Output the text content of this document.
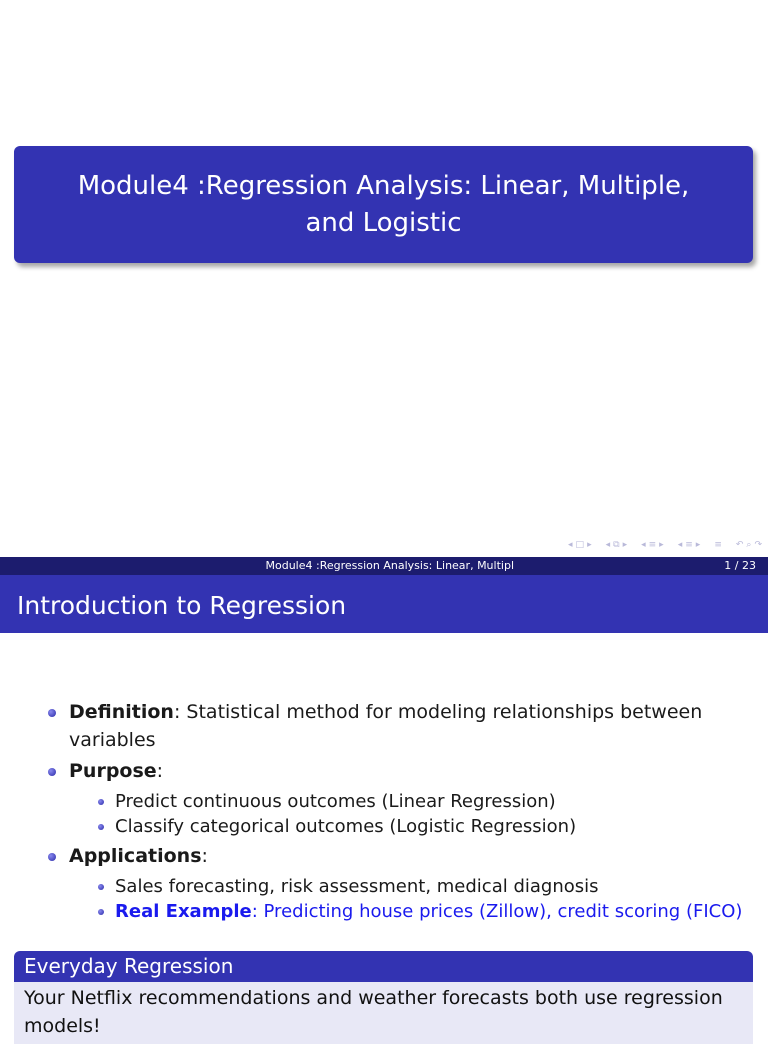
Module4 :Regression Analysis: Linear, Multiple, and Logistic
◂ □ ▸ ◂ ⧉ ▸ ◂ ≡ ▸ ◂ ≡ ▸ ≡ ↶ ⌕ ↷
Module4 :Regression Analysis: Linear, Multipl	1 / 23
Introduction to Regression
Definition: Statistical method for modeling relationships between variables
Purpose:
Predict continuous outcomes (Linear Regression)
Classify categorical outcomes (Logistic Regression)
Applications:
Sales forecasting, risk assessment, medical diagnosis
Real Example: Predicting house prices (Zillow), credit scoring (FICO)
Everyday Regression
Your Netflix recommendations and weather forecasts both use regression models!
